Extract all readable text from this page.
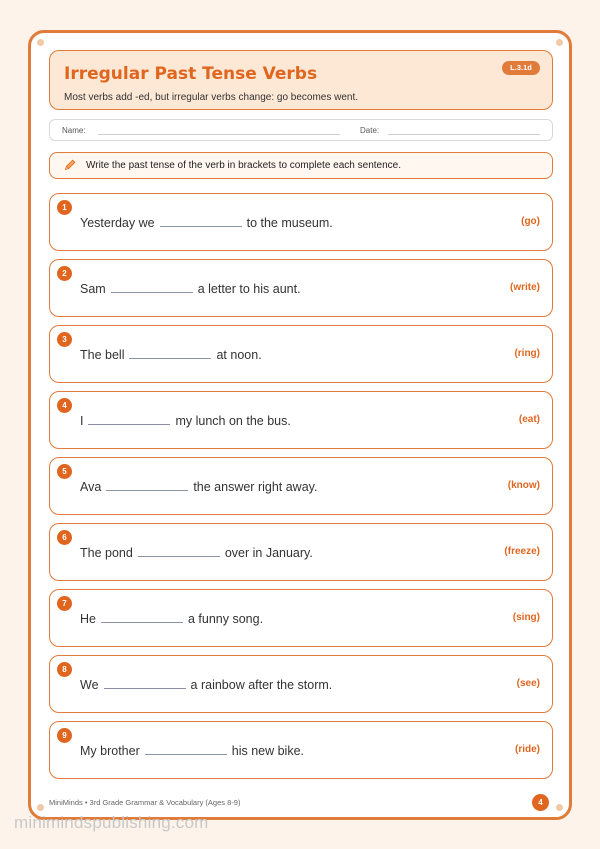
Irregular Past Tense Verbs
Most verbs add -ed, but irregular verbs change: go becomes went.
L.3.1d
Name:	Date:
Write the past tense of the verb in brackets to complete each sentence.
1
Yesterday we	to the museum.	(go)
2
Sam	a letter to his aunt.	(write)
3
The bell	at noon.	(ring)
4
I	my lunch on the bus.	(eat)
5
Ava	the answer right away.	(know)
6
The pond	over in January.	(freeze)
7
He	a funny song.	(sing)
8
We	a rainbow after the storm.	(see)
9
My brother	his new bike.	(ride)
MiniMinds • 3rd Grade Grammar & Vocabulary (Ages 8-9)	4
minimindspublishing.com
